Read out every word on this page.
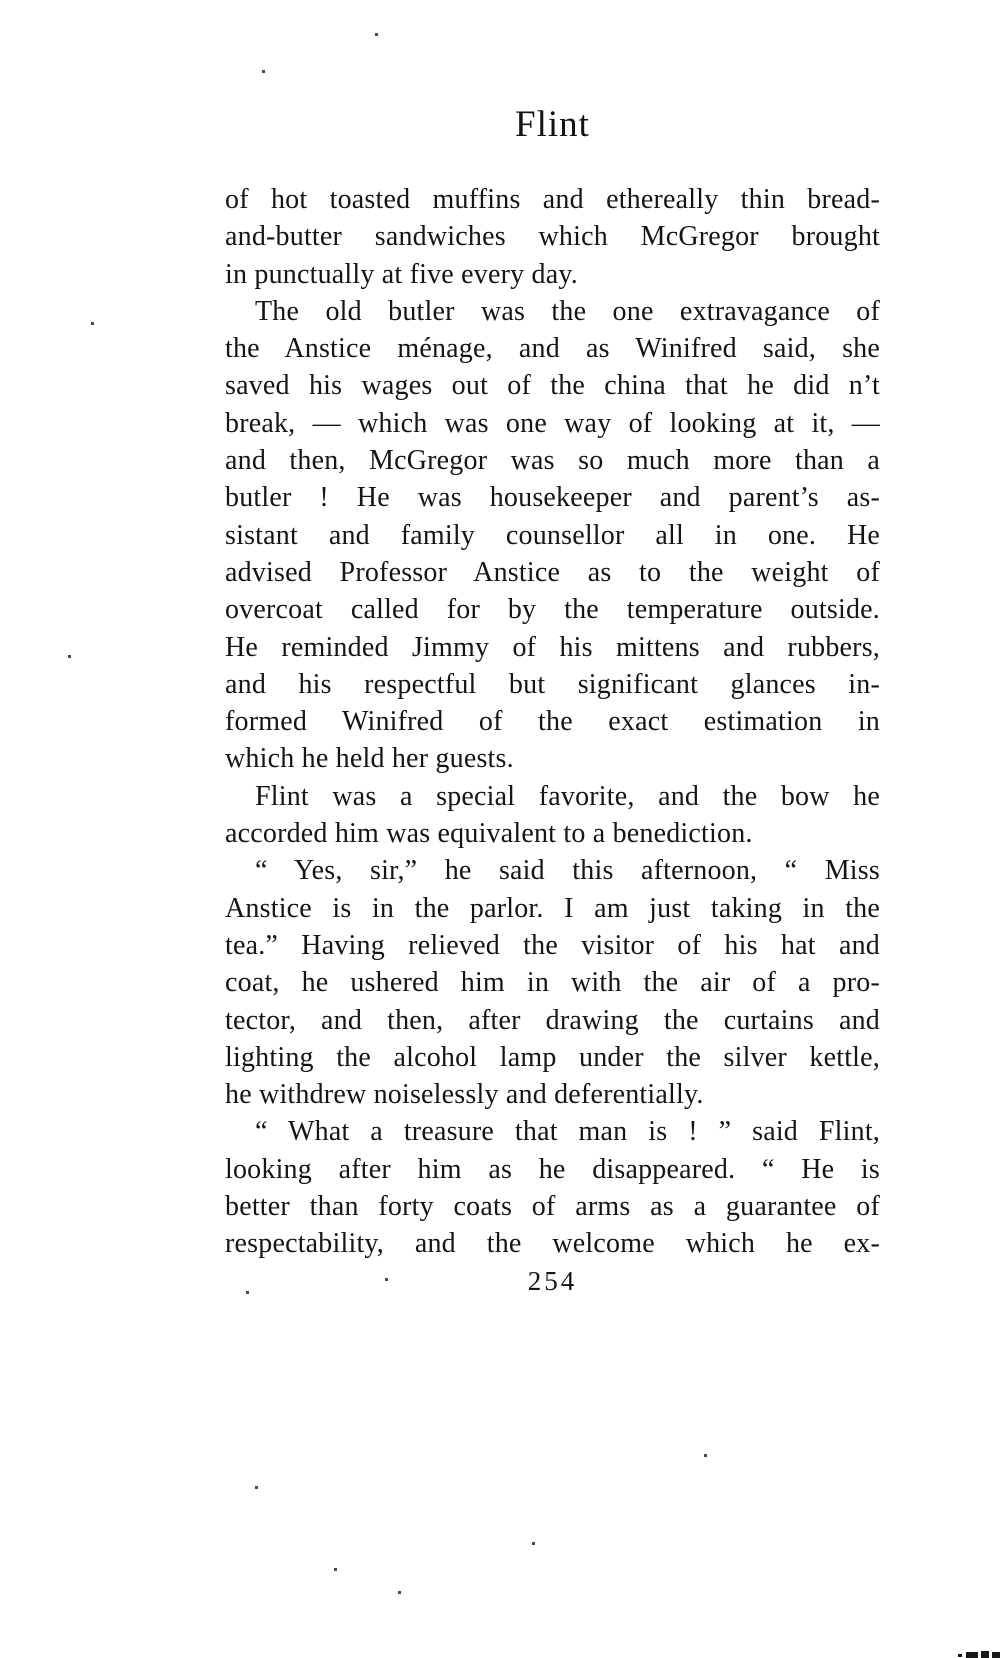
Flint
of hot toasted muffins and ethereally thin bread-
and-butter sandwiches which McGregor brought
in punctually at five every day.
The old butler was the one extravagance of
the Anstice ménage, and as Winifred said, she
saved his wages out of the china that he did n’t
break, — which was one way of looking at it, —
and then, McGregor was so much more than a
butler ! He was housekeeper and parent’s as-
sistant and family counsellor all in one. He
advised Professor Anstice as to the weight of
overcoat called for by the temperature outside.
He reminded Jimmy of his mittens and rubbers,
and his respectful but significant glances in-
formed Winifred of the exact estimation in
which he held her guests.
Flint was a special favorite, and the bow he
accorded him was equivalent to a benediction.
“ Yes, sir,” he said this afternoon, “ Miss
Anstice is in the parlor. I am just taking in the
tea.” Having relieved the visitor of his hat and
coat, he ushered him in with the air of a pro-
tector, and then, after drawing the curtains and
lighting the alcohol lamp under the silver kettle,
he withdrew noiselessly and deferentially.
“ What a treasure that man is ! ” said Flint,
looking after him as he disappeared. “ He is
better than forty coats of arms as a guarantee of
respectability, and the welcome which he ex-
254
